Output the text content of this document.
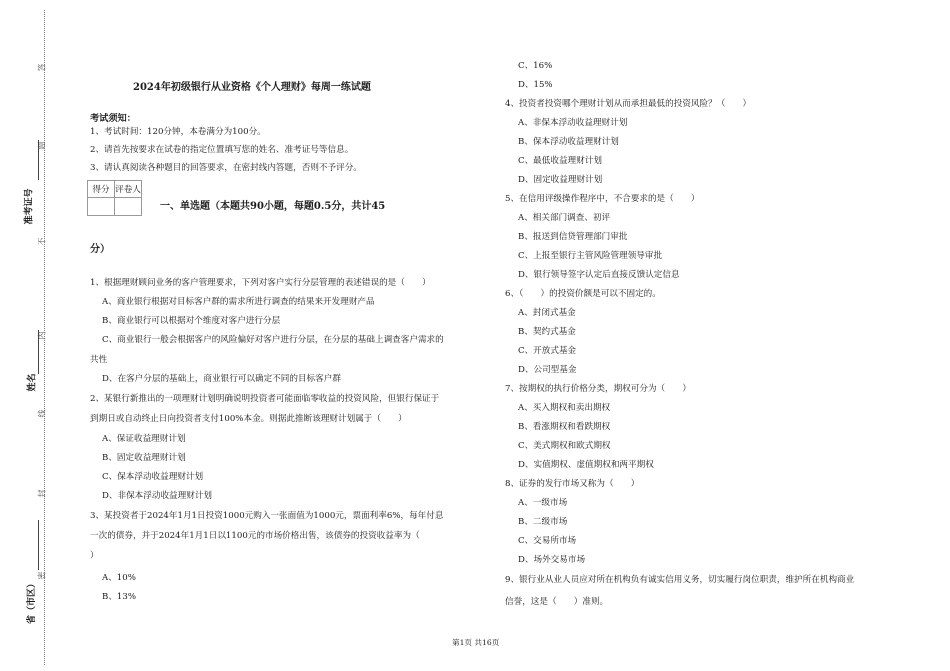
答
题
不
内
线
封
密
准考证号
姓名
省（市区）
2024年初级银行从业资格《个人理财》每周一练试题
考试须知：
1、考试时间：120分钟，本卷满分为100分。
2、请首先按要求在试卷的指定位置填写您的姓名、准考证号等信息。
3、请认真阅读各种题目的回答要求，在密封线内答题，否则不予评分。
得分	评卷人

一、单选题（本题共90小题，每题0.5分，共计45
分）
1、根据理财顾问业务的客户管理要求，下列对客户实行分层管理的表述错误的是（　　）
A、商业银行根据对目标客户群的需求所进行调查的结果来开发理财产品
B、商业银行可以根据对个维度对客户进行分层
C、商业银行一般会根据客户的风险偏好对客户进行分层，在分层的基础上调查客户需求的
共性
D、在客户分层的基础上，商业银行可以确定不同的目标客户群
2、某银行新推出的一项理财计划明确说明投资者可能面临零收益的投资风险，但银行保证于
到期日或自动终止日向投资者支付100%本金。则据此推断该理财计划属于（　　）
A、保证收益理财计划
B、固定收益理财计划
C、保本浮动收益理财计划
D、非保本浮动收益理财计划
3、某投资者于2024年1月1日投资1000元购入一张面值为1000元，票面利率6%，每年付息
一次的债券，并于2024年1月1日以1100元的市场价格出售，该债券的投资收益率为（
）
A、10%
B、13%
C、16%
D、15%
4、投资者投资哪个理财计划从而承担最低的投资风险？（　　）
A、非保本浮动收益理财计划
B、保本浮动收益理财计划
C、最低收益理财计划
D、固定收益理财计划
5、在信用评级操作程序中，不合要求的是（　　）
A、相关部门调查、初评
B、报送到信贷管理部门审批
C、上报至银行主管风险管理领导审批
D、银行领导签字认定后直接反馈认定信息
6、（　　）的投资价额是可以不固定的。
A、封闭式基金
B、契约式基金
C、开放式基金
D、公司型基金
7、按期权的执行价格分类，期权可分为（　　）
A、买入期权和卖出期权
B、看涨期权和看跌期权
C、美式期权和欧式期权
D、实值期权、虚值期权和两平期权
8、证券的发行市场又称为（　　）
A、一级市场
B、二级市场
C、交易所市场
D、场外交易市场
9、银行业从业人员应对所在机构负有诚实信用义务，切实履行岗位职责，维护所在机构商业
信誉，这是（　　）准则。
第1页 共16页
